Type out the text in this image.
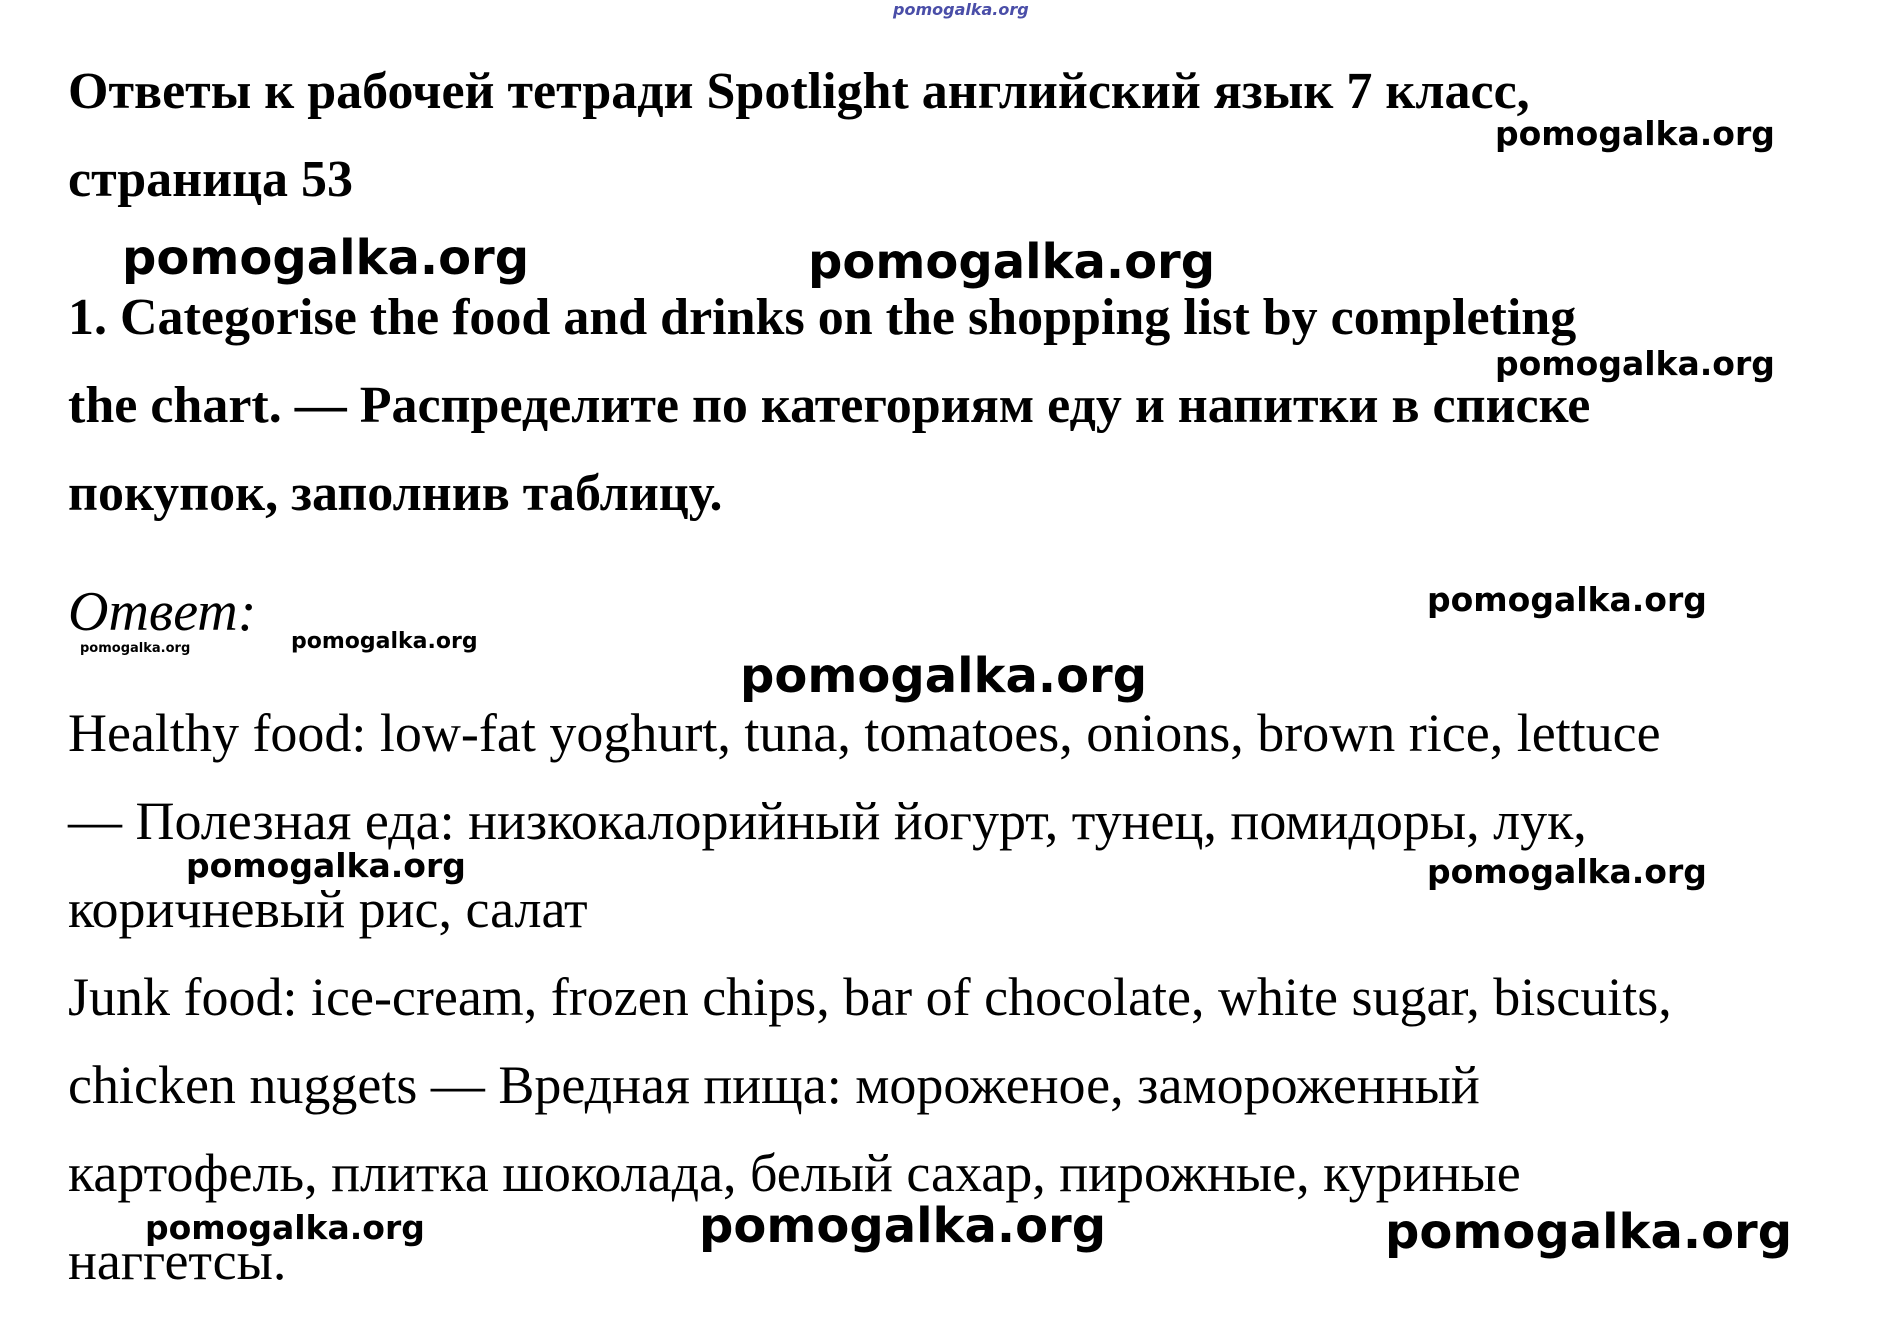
Ответы к рабочей тетради Spotlight английский язык 7 класс,
страница 53
1. Categorise the food and drinks on the shopping list by completing
the chart. — Распределите по категориям еду и напитки в списке
покупок, заполнив таблицу.
Ответ:
Healthy food: low-fat yoghurt, tuna, tomatoes, onions, brown rice, lettuce
— Полезная еда: низкокалорийный йогурт, тунец, помидоры, лук,
коричневый рис, салат
Junk food: ice-cream, frozen chips, bar of chocolate, white sugar, biscuits,
chicken nuggets — Вредная пища: мороженое, замороженный
картофель, плитка шоколада, белый сахар, пирожные, куриные
наггетсы.
pomogalka.org
pomogalka.org
pomogalka.org	pomogalka.org
pomogalka.org
pomogalka.org
pomogalka.org	pomogalka.org
pomogalka.org
pomogalka.org	pomogalka.org
pomogalka.org	pomogalka.org	pomogalka.org
